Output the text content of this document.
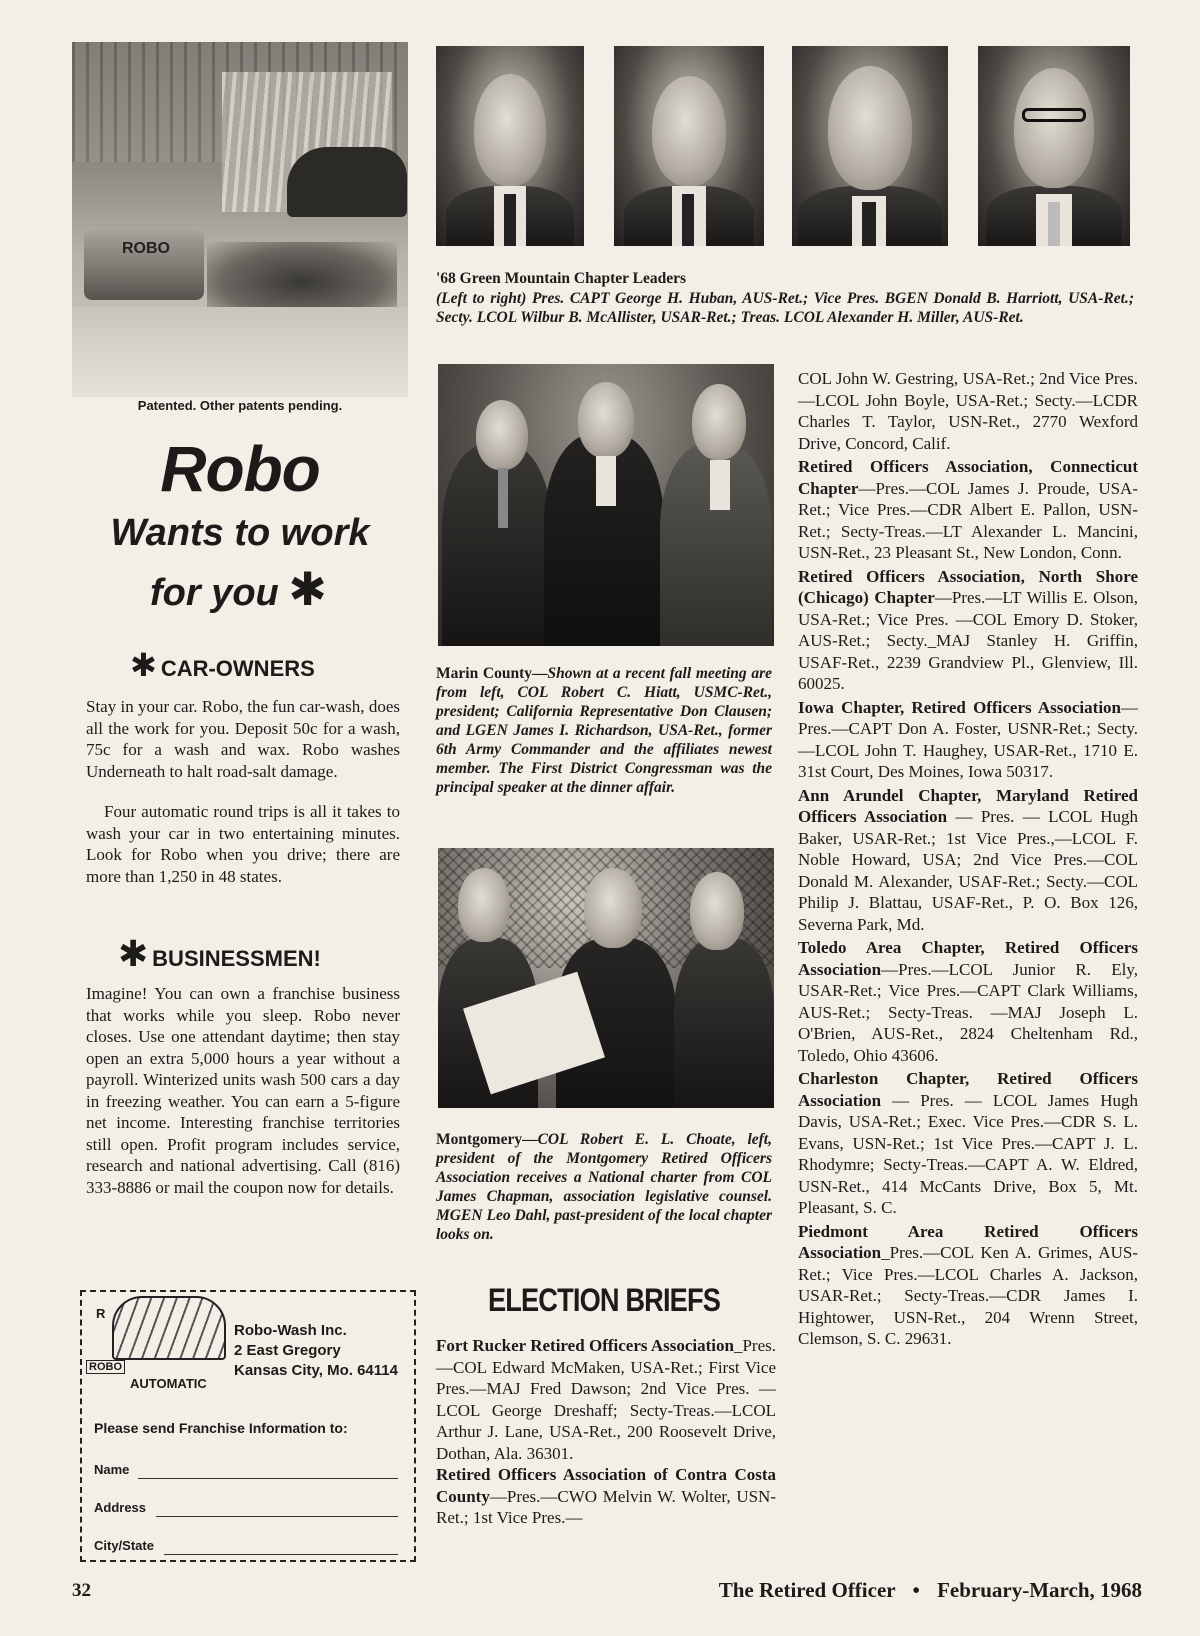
ROBO
Patented. Other patents pending.
Robo
Wants to work
for you ✱
✱ CAR-OWNERS
Stay in your car. Robo, the fun car-wash, does all the work for you. Deposit 50c for a wash, 75c for a wash and wax. Robo washes Underneath to halt road-salt damage.
Four automatic round trips is all it takes to wash your car in two entertaining minutes. Look for Robo when you drive; there are more than 1,250 in 48 states.
✱ BUSINESSMEN!
Imagine! You can own a franchise business that works while you sleep. Robo never closes. Use one attendant daytime; then stay open an extra 5,000 hours a year without a payroll. Winterized units wash 500 cars a day in freezing weather. You can earn a 5-figure net income. Interesting franchise territories still open. Profit program includes service, research and national advertising. Call (816) 333-8886 or mail the coupon now for details.
R
ROBO
AUTOMATIC
Robo-Wash Inc.
2 East Gregory
Kansas City, Mo. 64114
Please send Franchise Information to:
Name
Address
City/State
'68 Green Mountain Chapter Leaders
(Left to right) Pres. CAPT George H. Huban, AUS-Ret.; Vice Pres. BGEN Donald B. Harriott, USA-Ret.; Secty. LCOL Wilbur B. McAllister, USAR-Ret.; Treas. LCOL Alexander H. Miller, AUS-Ret.
Marin County—Shown at a recent fall meeting are from left, COL Robert C. Hiatt, USMC-Ret., president; California Representative Don Clausen; and LGEN James I. Richardson, USA-Ret., former 6th Army Commander and the affiliates newest member. The First District Congressman was the principal speaker at the dinner affair.
Montgomery—COL Robert E. L. Choate, left, president of the Montgomery Retired Officers Association receives a National charter from COL James Chapman, association legislative counsel. MGEN Leo Dahl, past-president of the local chapter looks on.
ELECTION BRIEFS
Fort Rucker Retired Officers Association_Pres.—COL Edward McMaken, USA-Ret.; First Vice Pres.—MAJ Fred Dawson; 2nd Vice Pres. — LCOL George Dreshaff; Secty-Treas.—LCOL Arthur J. Lane, USA-Ret., 200 Roosevelt Drive, Dothan, Ala. 36301.
Retired Officers Association of Contra Costa County—Pres.—CWO Melvin W. Wolter, USN-Ret.; 1st Vice Pres.—
COL John W. Gestring, USA-Ret.; 2nd Vice Pres.—LCOL John Boyle, USA-Ret.; Secty.—LCDR Charles T. Taylor, USN-Ret., 2770 Wexford Drive, Concord, Calif.
Retired Officers Association, Connecticut Chapter—Pres.—COL James J. Proude, USA-Ret.; Vice Pres.—CDR Albert E. Pallon, USN-Ret.; Secty-Treas.—LT Alexander L. Mancini, USN-Ret., 23 Pleasant St., New London, Conn.
Retired Officers Association, North Shore (Chicago) Chapter—Pres.—LT Willis E. Olson, USA-Ret.; Vice Pres. —COL Emory D. Stoker, AUS-Ret.; Secty._MAJ Stanley H. Griffin, USAF-Ret., 2239 Grandview Pl., Glenview, Ill. 60025.
Iowa Chapter, Retired Officers Association—Pres.—CAPT Don A. Foster, USNR-Ret.; Secty.—LCOL John T. Haughey, USAR-Ret., 1710 E. 31st Court, Des Moines, Iowa 50317.
Ann Arundel Chapter, Maryland Retired Officers Association — Pres. — LCOL Hugh Baker, USAR-Ret.; 1st Vice Pres.,—LCOL F. Noble Howard, USA; 2nd Vice Pres.—COL Donald M. Alexander, USAF-Ret.; Secty.—COL Philip J. Blattau, USAF-Ret., P. O. Box 126, Severna Park, Md.
Toledo Area Chapter, Retired Officers Association—Pres.—LCOL Junior R. Ely, USAR-Ret.; Vice Pres.—CAPT Clark Williams, AUS-Ret.; Secty-Treas. —MAJ Joseph L. O'Brien, AUS-Ret., 2824 Cheltenham Rd., Toledo, Ohio 43606.
Charleston Chapter, Retired Officers Association — Pres. — LCOL James Hugh Davis, USA-Ret.; Exec. Vice Pres.—CDR S. L. Evans, USN-Ret.; 1st Vice Pres.—CAPT J. L. Rhodymre; Secty-Treas.—CAPT A. W. Eldred, USN-Ret., 414 McCants Drive, Box 5, Mt. Pleasant, S. C.
Piedmont Area Retired Officers Association_Pres.—COL Ken A. Grimes, AUS-Ret.; Vice Pres.—LCOL Charles A. Jackson, USAR-Ret.; Secty-Treas.—CDR James I. Hightower, USN-Ret., 204 Wrenn Street, Clemson, S. C. 29631.
32	The Retired Officer • February-March, 1968
